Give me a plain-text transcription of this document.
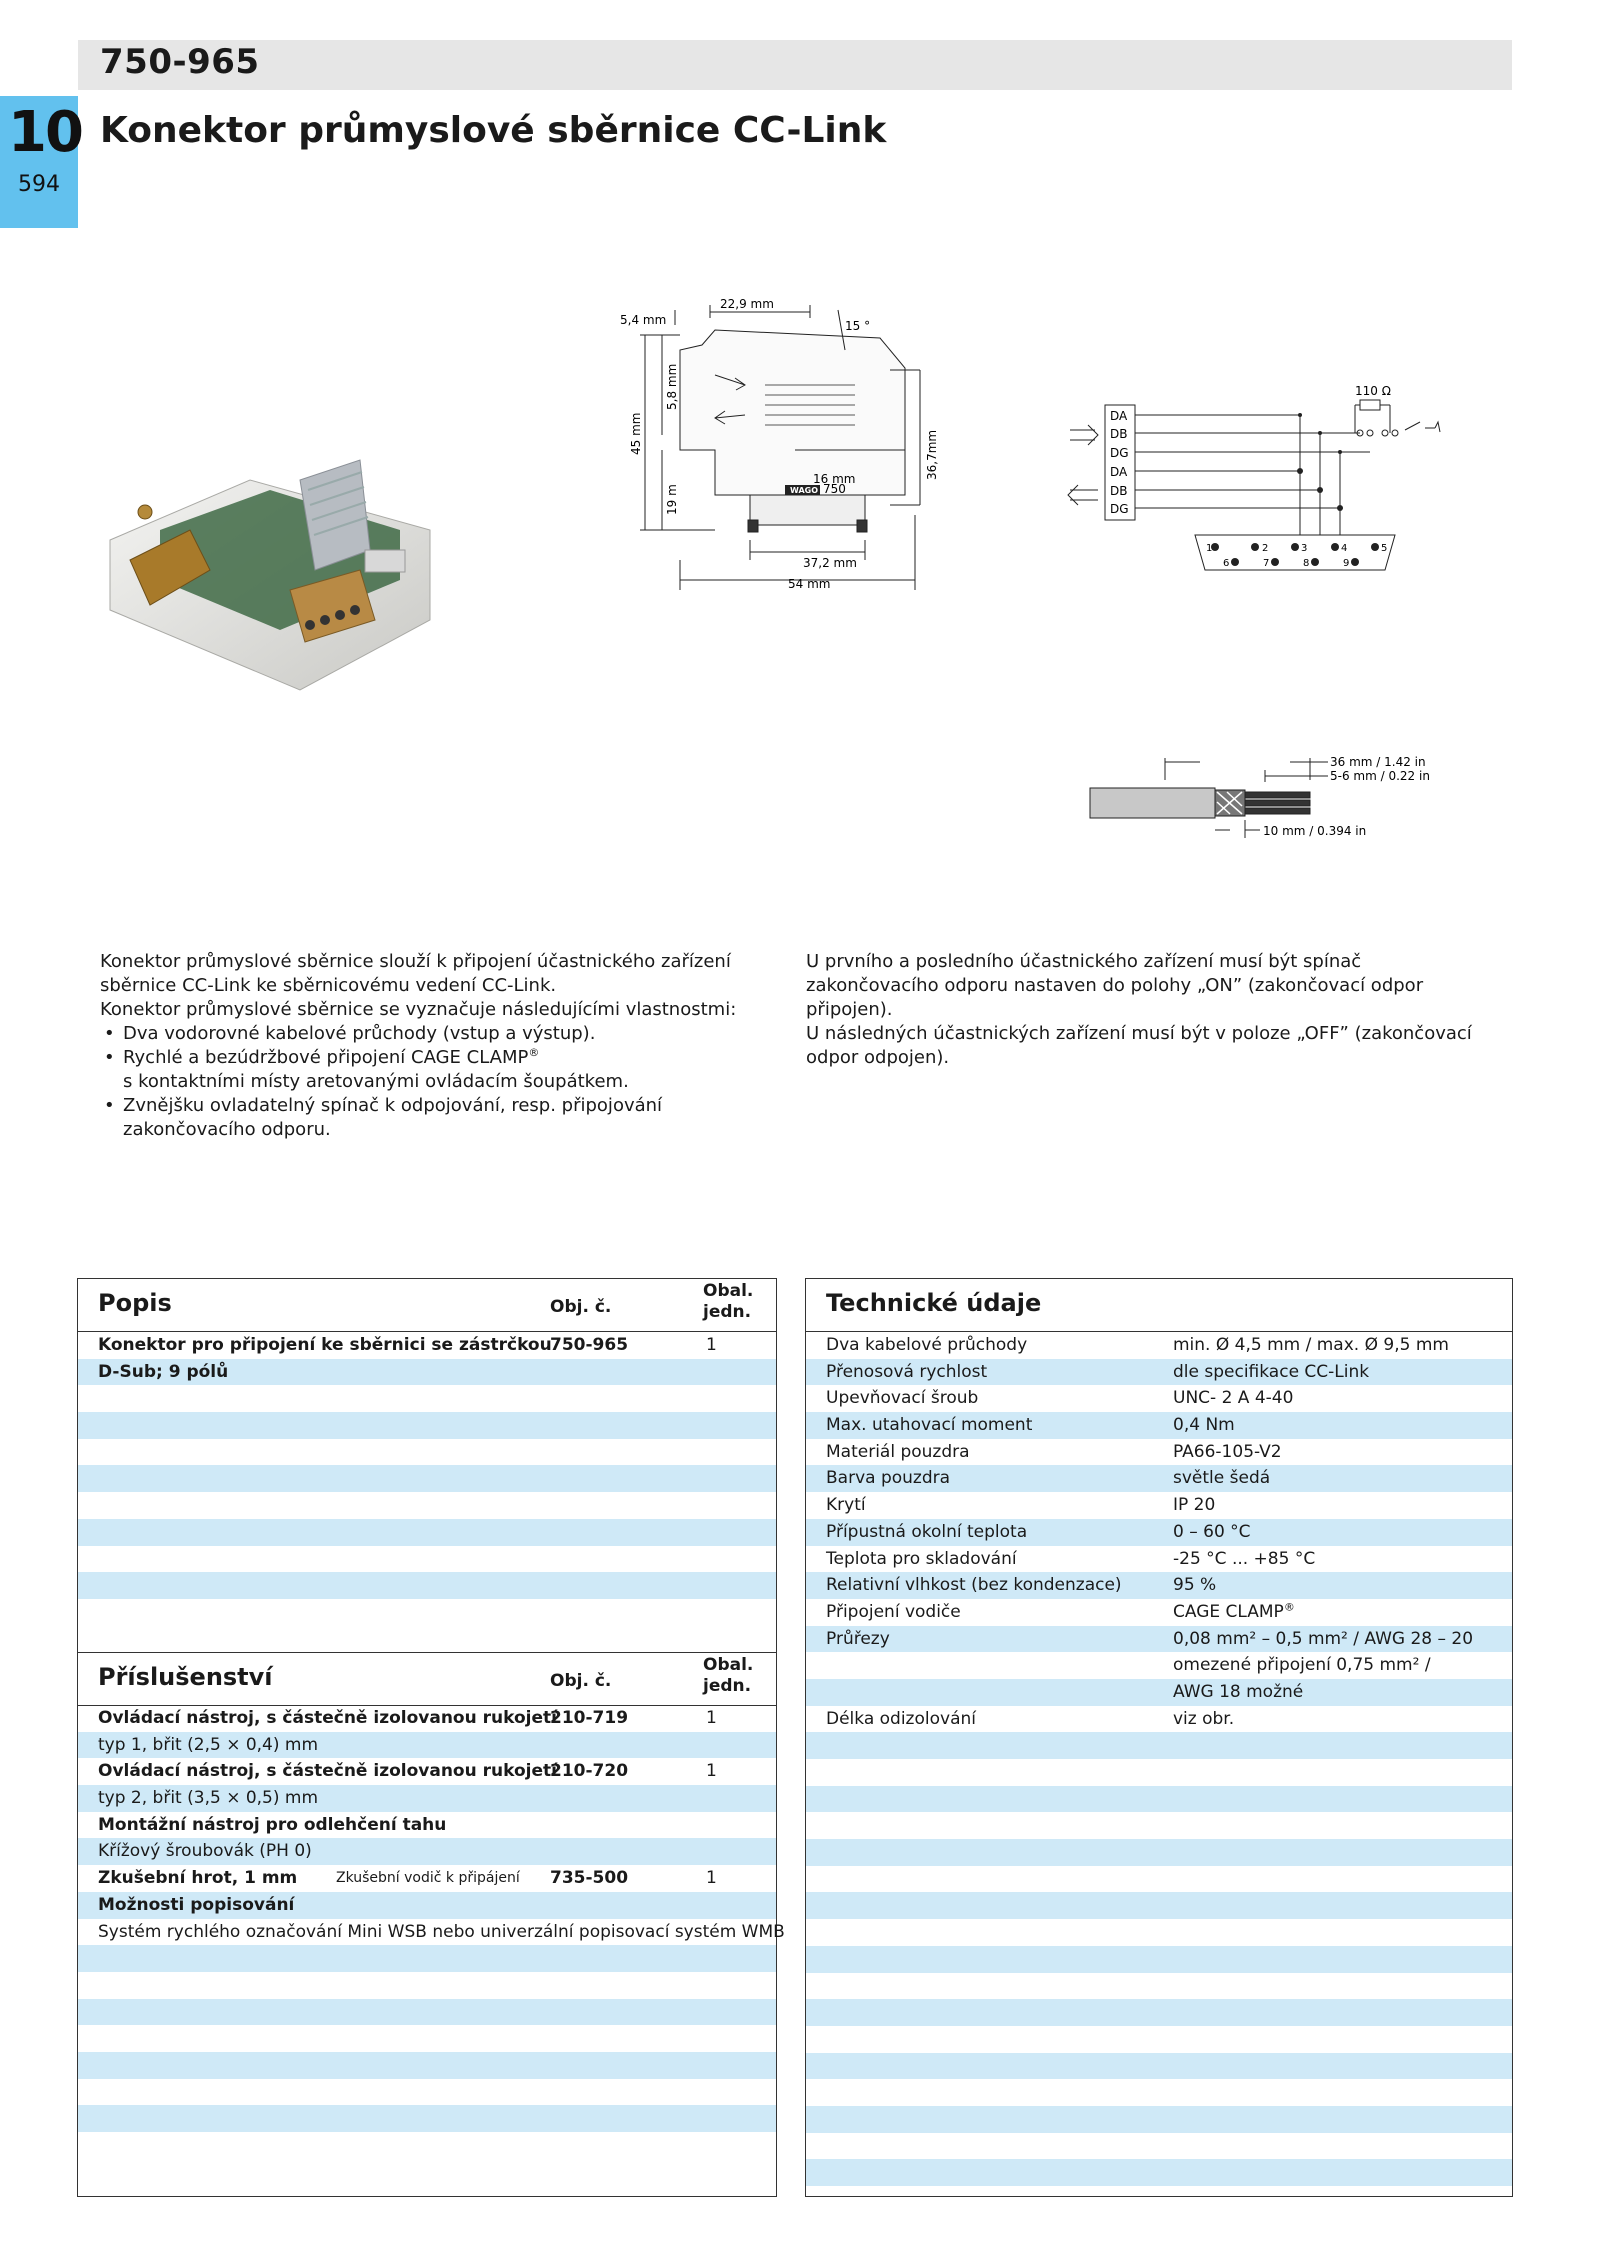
750-965
10
594
Konektor průmyslové sběrnice CC-Link
WAGO 750
5,4 mm
22,9 mm
15 °
45 mm
5,8 mm
19 m
36,7mm
16 mm
37,2 mm
54 mm
110 Ω
DA
DB
DG
DA
DB
DG
1	2	3	4	5
6	7	8	9
36 mm / 1.42 in
5-6 mm / 0.22 in
10 mm / 0.394 in

Konektor průmyslové sběrnice slouží k připojení účastnického zařízení sběrnice CC-Link ke sběrnicovému vedení CC-Link.

Konektor průmyslové sběrnice se vyznačuje následujícími vlastnostmi:

• Dva vodorovné kabelové průchody (vstup a výstup).
• Rychlé a bezúdržbové připojení CAGE CLAMP®
s kontaktními místy aretovanými ovládacím šoupátkem.
• Zvnějšku ovladatelný spínač k odpojování, resp. připojování zakončovacího odporu.

U prvního a posledního účastnického zařízení musí být spínač zakončovacího odporu nastaven do polohy „ON” (zakončovací odpor připojen).

U následných účastnických zařízení musí být v poloze „OFF” (zakončovací odpor odpojen).

Popis	Obj. č.
Obal.
jedn.
Konektor pro připojení ke sběrnici se zástrčkou
750-965	1
D-Sub; 9 pólů
Příslušenství	Obj. č.
Obal.
jedn.
Ovládací nástroj, s částečně izolovanou rukojetí
210-719	1
typ 1, břit (2,5 × 0,4) mm
Ovládací nástroj, s částečně izolovanou rukojetí
210-720	1
typ 2, břit (3,5 × 0,5) mm
Montážní nástroj pro odlehčení tahu
Křížový šroubovák (PH 0)
Zkušební hrot, 1 mm	Zkušební vodič k připájení 735-500	1
Možnosti popisování
Systém rychlého označování Mini WSB nebo univerzální popisovací systém WMB
Technické údaje
Dva kabelové průchody	min. Ø 4,5 mm / max. Ø 9,5 mm
Přenosová rychlost	dle specifikace CC-Link
Upevňovací šroub	UNC- 2 A 4-40
Max. utahovací moment	0,4 Nm
Materiál pouzdra	PA66-105-V2
Barva pouzdra	světle šedá
Krytí	IP 20
Přípustná okolní teplota	0 – 60 °C
Teplota pro skladování	-25 °C ... +85 °C
Relativní vlhkost (bez kondenzace)	95 %
Připojení vodiče	CAGE CLAMP®
Průřezy	0,08 mm² – 0,5 mm² / AWG 28 – 20
omezené připojení 0,75 mm² /
AWG 18 možné
Délka odizolování	viz obr.
